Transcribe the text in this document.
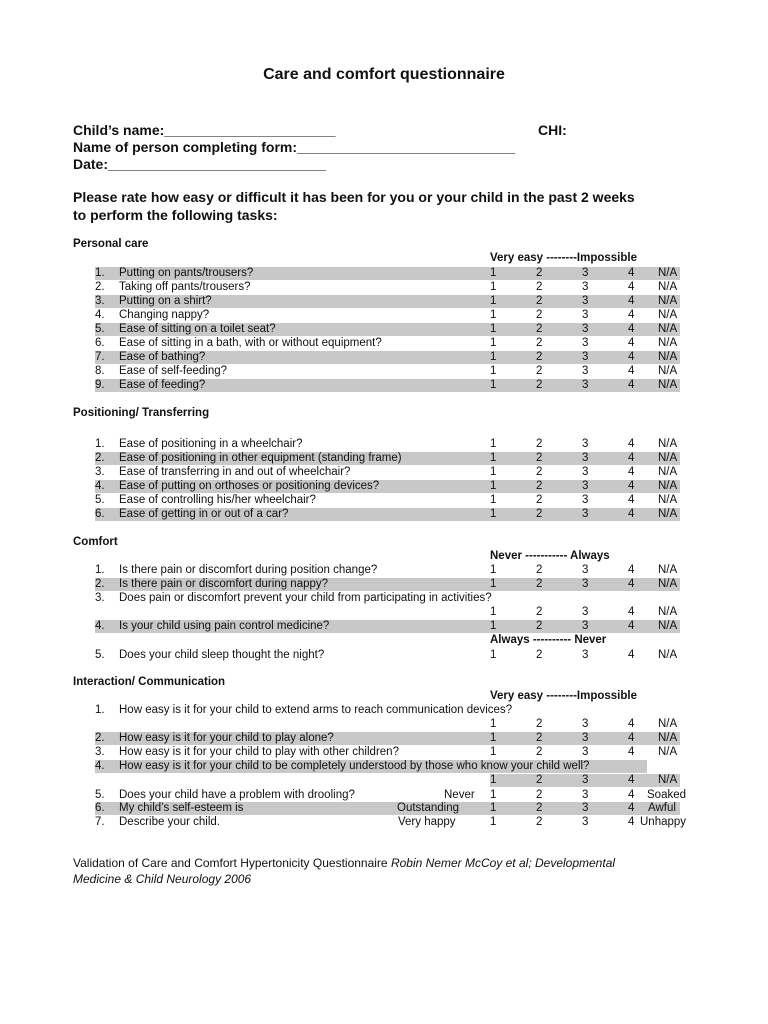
Care and comfort questionnaire
Child’s name:______________________	CHI:
Name of person completing form:____________________________
Date:____________________________
Please rate how easy or difficult it has been for you or your child in the past 2 weeks
to perform the following tasks:
Personal care
Very easy --------Impossible
1. Putting on pants/trousers?	1	2	3	4 N/A
2. Taking off pants/trousers?	1	2	3	4 N/A
3. Putting on a shirt?	1	2	3	4 N/A
4. Changing nappy?	1	2	3	4 N/A
5. Ease of sitting on a toilet seat?	1	2	3	4 N/A
6. Ease of sitting in a bath, with or without equipment?	1	2	3	4 N/A
7. Ease of bathing?	1	2	3	4 N/A
8. Ease of self-feeding?	1	2	3	4 N/A
9. Ease of feeding?	1	2	3	4 N/A
Positioning/ Transferring
1. Ease of positioning in a wheelchair?	1	2	3	4 N/A
2. Ease of positioning in other equipment (standing frame)	1	2	3	4 N/A
3. Ease of transferring in and out of wheelchair?	1	2	3	4 N/A
4. Ease of putting on orthoses or positioning devices?	1	2	3	4 N/A
5. Ease of controlling his/her wheelchair?	1	2	3	4 N/A
6. Ease of getting in or out of a car?	1	2	3	4 N/A
Comfort
Never ----------- Always
1. Is there pain or discomfort during position change?	1	2	3	4 N/A
2. Is there pain or discomfort during nappy?	1	2	3	4 N/A
3. Does pain or discomfort prevent your child from participating in activities?
1	2	3	4 N/A
4. Is your child using pain control medicine?	1	2	3	4 N/A
Always ---------- Never
5. Does your child sleep thought the night?	1	2	3	4 N/A
Interaction/ Communication
Very easy --------Impossible
1. How easy is it for your child to extend arms to reach communication devices?
1	2	3	4 N/A
2. How easy is it for your child to play alone?	1	2	3	4 N/A
3. How easy is it for your child to play with other children?	1	2	3	4 N/A
4. How easy is it for your child to be completely understood by those who know your child well?
1	2	3	4 N/A
5. Does your child have a problem with drooling?	Never 1	2	3	4 Soaked
6. My child’s self-esteem is	Outstanding	1	2	3	4 Awful
7. Describe your child.	Very happy	1	2	3	4 Unhappy
Validation of Care and Comfort Hypertonicity Questionnaire Robin Nemer McCoy et al; Developmental
Medicine & Child Neurology 2006
